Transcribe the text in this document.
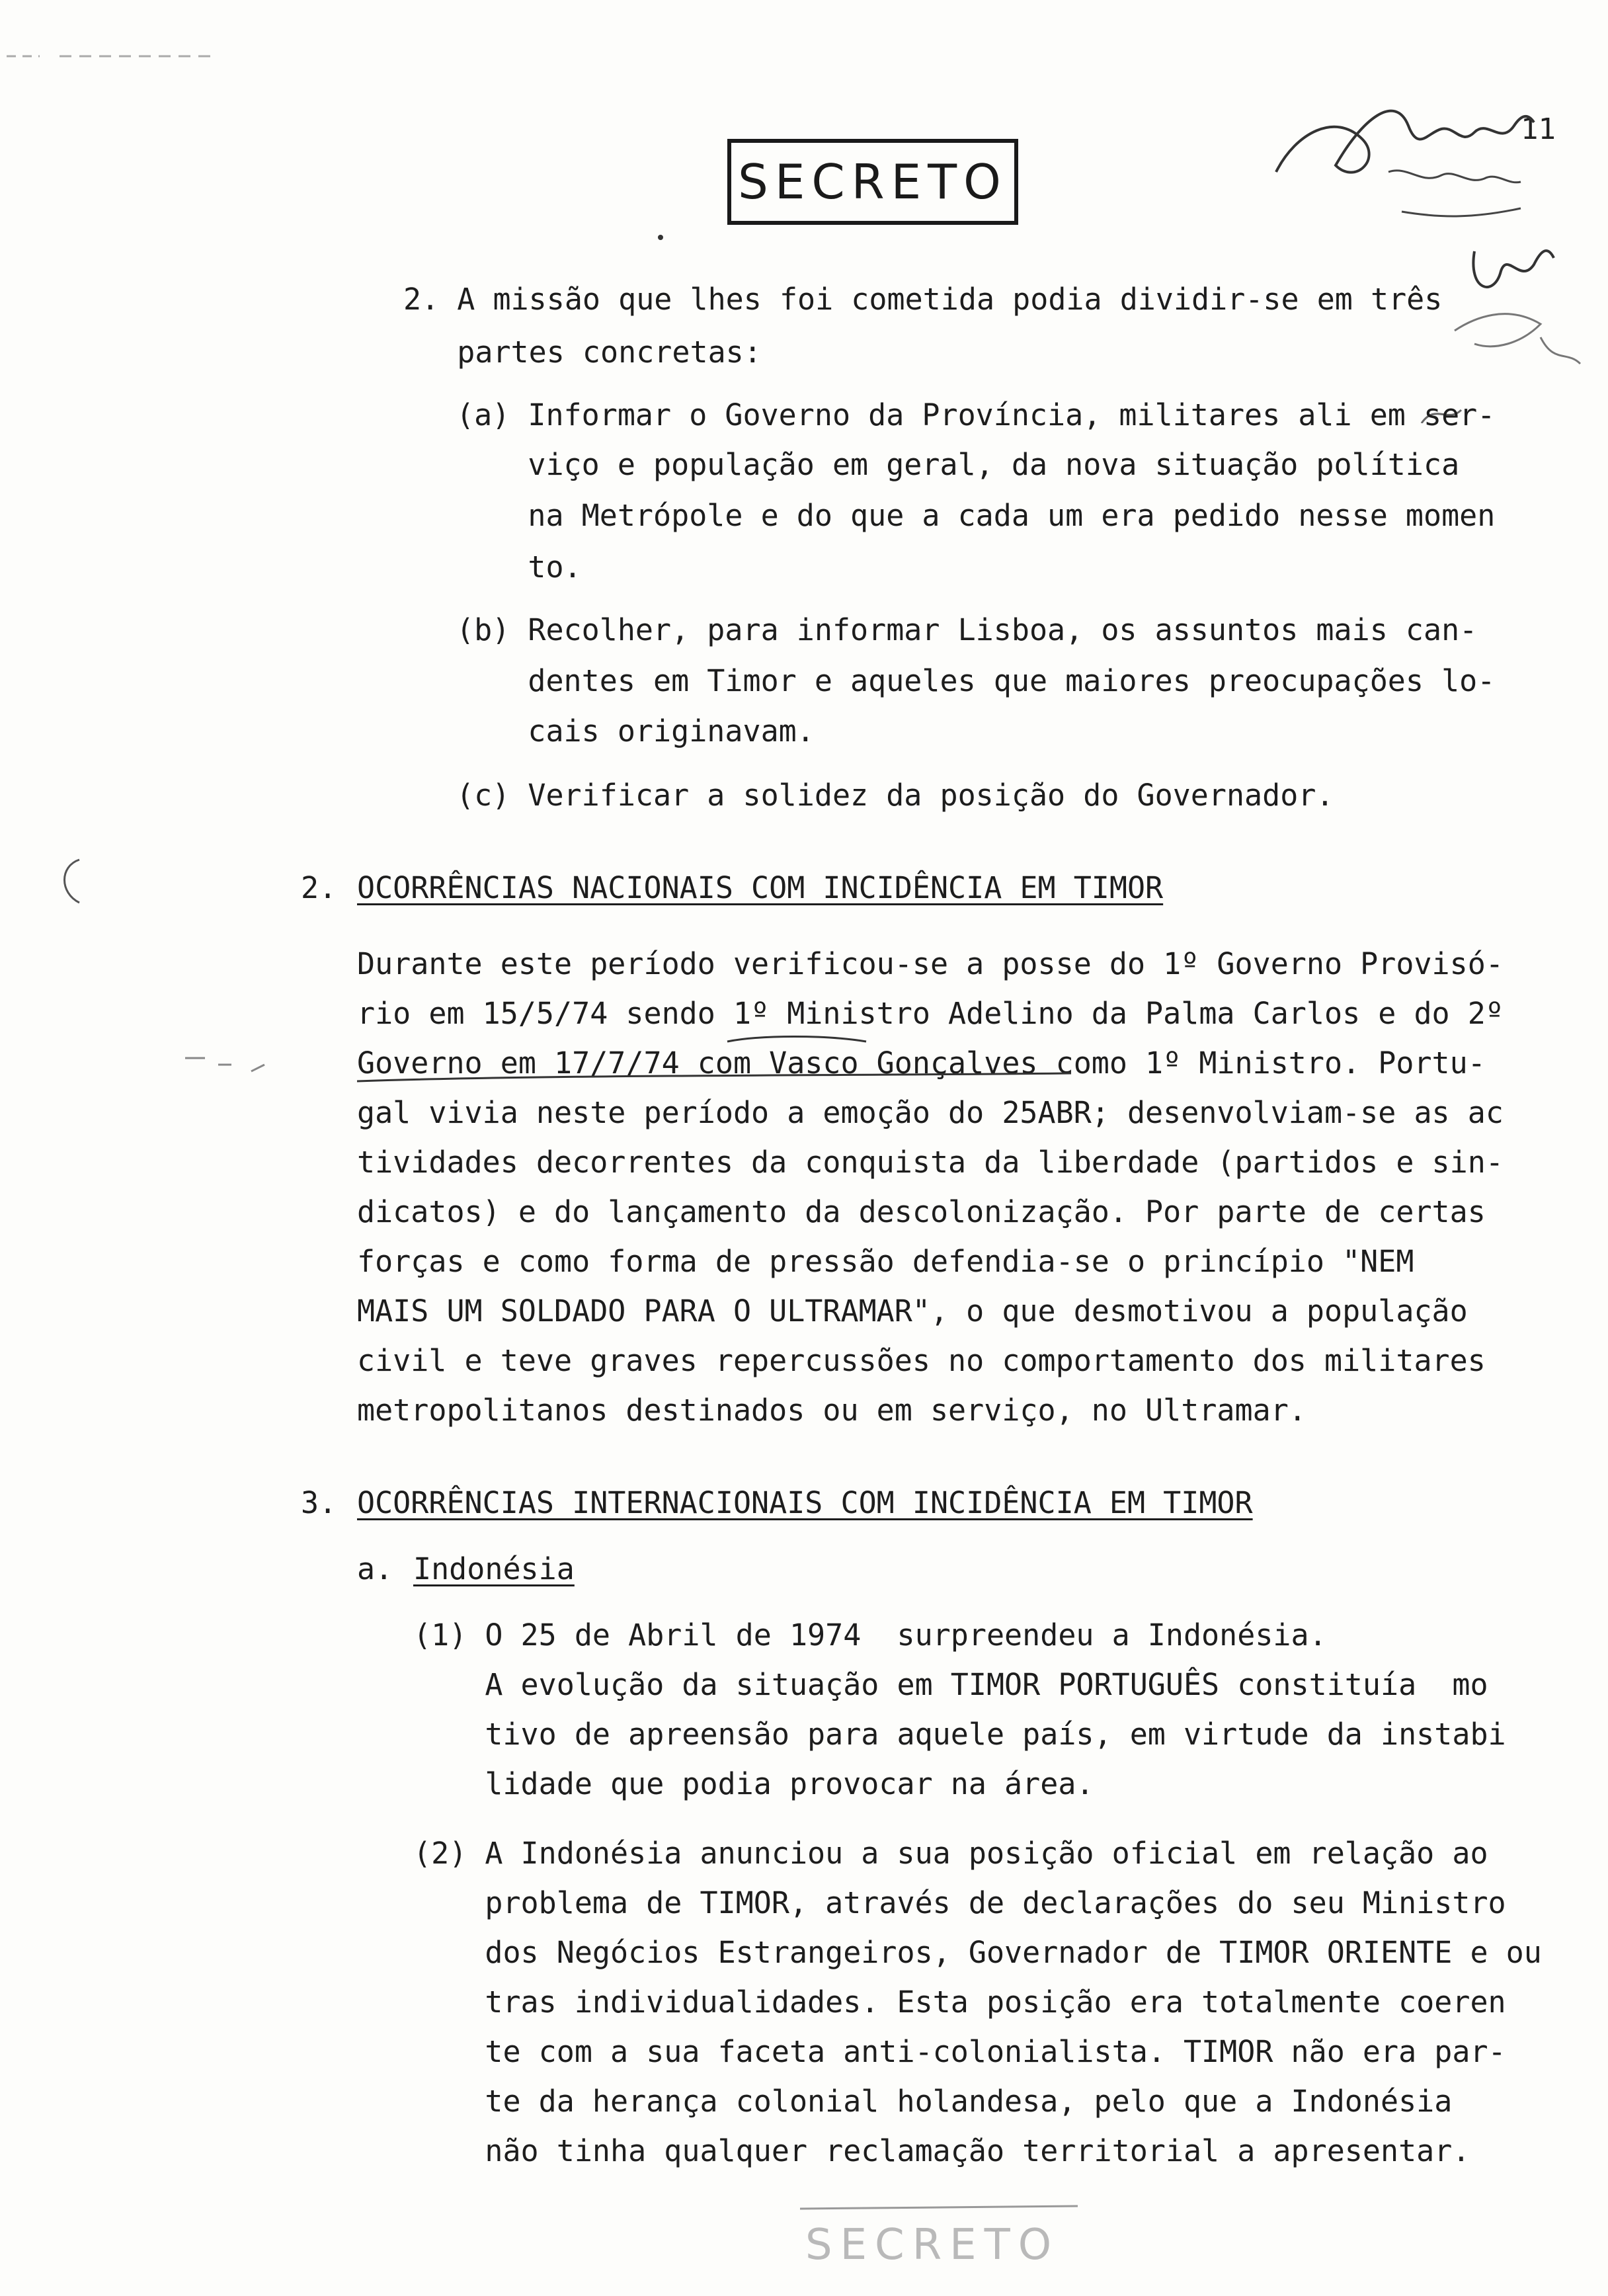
SECRETO
11
2. A missão que lhes foi cometida podia dividir-se em três
partes concretas:
(a) Informar o Governo da Província, militares ali em ser-
viço e população em geral, da nova situação política
na Metrópole e do que a cada um era pedido nesse momen
to.
(b) Recolher, para informar Lisboa, os assuntos mais can-
dentes em Timor e aqueles que maiores preocupações lo-
cais originavam.
(c) Verificar a solidez da posição do Governador.
2. OCORRÊNCIAS NACIONAIS COM INCIDÊNCIA EM TIMOR
Durante este período verificou-se a posse do 1º Governo Provisó-
rio em 15/5/74 sendo 1º Ministro Adelino da Palma Carlos e do 2º
Governo em 17/7/74 com Vasco Gonçalves como 1º Ministro. Portu-
gal vivia neste período a emoção do 25ABR; desenvolviam-se as ac
tividades decorrentes da conquista da liberdade (partidos e sin-
dicatos) e do lançamento da descolonização. Por parte de certas
forças e como forma de pressão defendia-se o princípio "NEM
MAIS UM SOLDADO PARA O ULTRAMAR", o que desmotivou a população
civil e teve graves repercussões no comportamento dos militares
metropolitanos destinados ou em serviço, no Ultramar.
3. OCORRÊNCIAS INTERNACIONAIS COM INCIDÊNCIA EM TIMOR
a. Indonésia
(1) O 25 de Abril de 1974  surpreendeu a Indonésia.
A evolução da situação em TIMOR PORTUGUÊS constituía  mo
tivo de apreensão para aquele país, em virtude da instabi
lidade que podia provocar na área.
(2) A Indonésia anunciou a sua posição oficial em relação ao
problema de TIMOR, através de declarações do seu Ministro
dos Negócios Estrangeiros, Governador de TIMOR ORIENTE e ou
tras individualidades. Esta posição era totalmente coeren
te com a sua faceta anti-colonialista. TIMOR não era par-
te da herança colonial holandesa, pelo que a Indonésia
não tinha qualquer reclamação territorial a apresentar.
SECRETO
